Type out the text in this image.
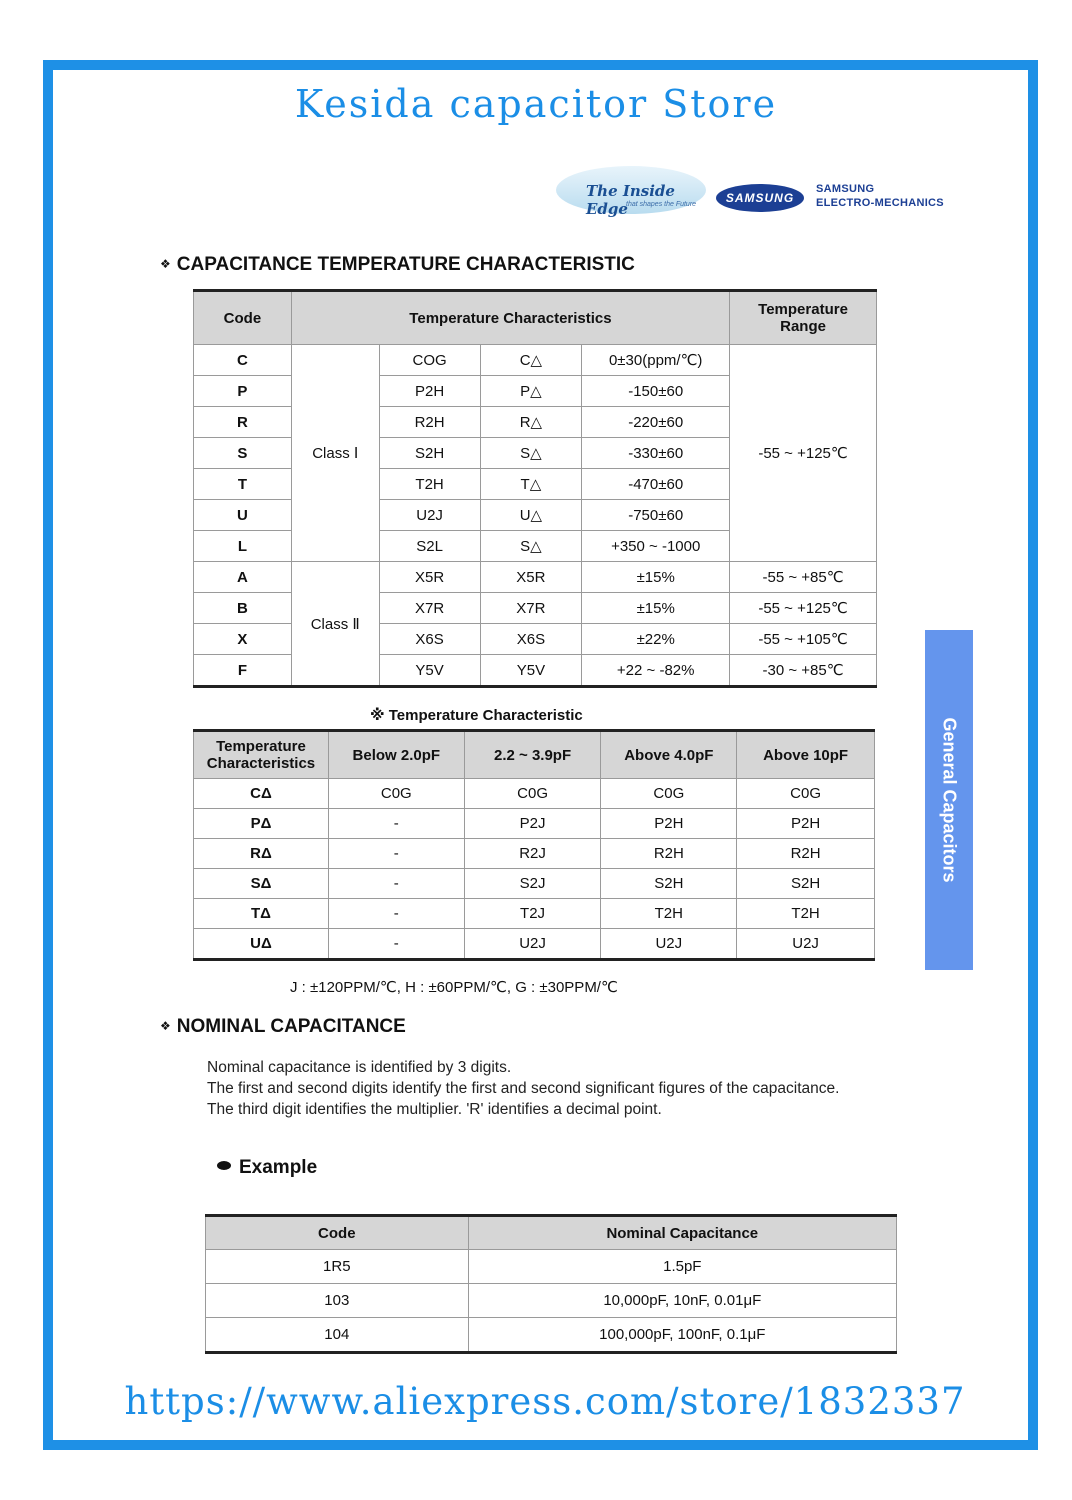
Kesida capacitor Store
The Inside Edge
that shapes the Future	SAMSUNG
SAMSUNG
ELECTRO-MECHANICS
❖ CAPACITANCE TEMPERATURE CHARACTERISTIC
Code	Temperature Characteristics				Temperature
Range
C	Class Ⅰ	COG	C△	0±30(ppm/℃)	-55 ~ +125℃
P		P2H	P△	-150±60	
R		R2H	R△	-220±60	
S		S2H	S△	-330±60	
T		T2H	T△	-470±60	
U		U2J	U△	-750±60	
L		S2L	S△	+350 ~ -1000	
A	Class Ⅱ	X5R	X5R	±15%	-55 ~ +85℃
B		X7R	X7R	±15%	-55 ~ +125℃
X		X6S	X6S	±22%	-55 ~ +105℃
F		Y5V	Y5V	+22 ~ -82%	-30 ~ +85℃
※ Temperature Characteristic
Temperature
Characteristics	Below 2.0pF	2.2 ~ 3.9pF	Above 4.0pF	Above 10pF
CΔ	C0G	C0G	C0G	C0G
PΔ	-	P2J	P2H	P2H
RΔ	-	R2J	R2H	R2H
SΔ	-	S2J	S2H	S2H
TΔ	-	T2J	T2H	T2H
UΔ	-	U2J	U2J	U2J
J : ±120PPM/℃, H : ±60PPM/℃, G : ±30PPM/℃
❖ NOMINAL CAPACITANCE
Nominal capacitance is identified by 3 digits.
The first and second digits identify the first and second significant figures of the capacitance.
The third digit identifies the multiplier. 'R' identifies a decimal point.
Example
Code	Nominal Capacitance
1R5	1.5pF
103	10,000pF, 10nF, 0.01μF
104	100,000pF, 100nF, 0.1μF
General Capacitors
https://www.aliexpress.com/store/1832337
